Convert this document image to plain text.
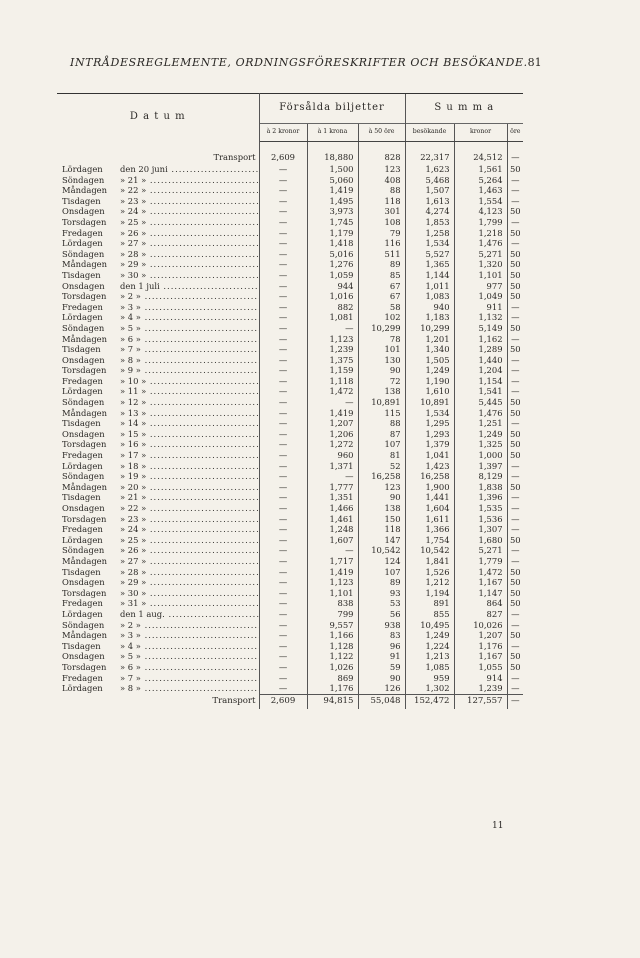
INTRÅDESREGLEMENTE, ORDNINGSFÖRESKRIFTER OCH BESÖKANDE. 81
D a t u m	Försålda biljetter			S u m m a		
	à 2 kronor	à 1 krona	à 50 öre	besökande	kronor	öre

Transport	2,609	18,880	828	22,317	24,512	—
Lördagen den 20 juni .....	—	1,500	123	1,623	1,561	50
Söndagen » 21 » .....	—	5,060	408	5,468	5,264	—
Måndagen » 22 » .....	—	1,419	88	1,507	1,463	—
Tisdagen » 23 » .....	—	1,495	118	1,613	1,554	—
Onsdagen » 24 » .....	—	3,973	301	4,274	4,123	50
Torsdagen » 25 » .....	—	1,745	108	1,853	1,799	—
Fredagen » 26 » .....	—	1,179	79	1,258	1,218	50
Lördagen » 27 » .....	—	1,418	116	1,534	1,476	—
Söndagen » 28 » .....	—	5,016	511	5,527	5,271	50
Måndagen » 29 » .....	—	1,276	89	1,365	1,320	50
Tisdagen » 30 » .....	—	1,059	85	1,144	1,101	50
Onsdagen den 1 juli .....	—	944	67	1,011	977	50
Torsdagen » 2 » .....	—	1,016	67	1,083	1,049	50
Fredagen » 3 » .....	—	882	58	940	911	—
Lördagen » 4 » .....	—	1,081	102	1,183	1,132	—
Söndagen » 5 » .....	—	—	10,299	10,299	5,149	50
Måndagen » 6 » .....	—	1,123	78	1,201	1,162	—
Tisdagen » 7 » .....	—	1,239	101	1,340	1,289	50
Onsdagen » 8 » .....	—	1,375	130	1,505	1,440	—
Torsdagen » 9 » .....	—	1,159	90	1,249	1,204	—
Fredagen » 10 » .....	—	1,118	72	1,190	1,154	—
Lördagen » 11 » .....	—	1,472	138	1,610	1,541	—
Söndagen » 12 » .....	—	—	10,891	10,891	5,445	50
Måndagen » 13 » .....	—	1,419	115	1,534	1,476	50
Tisdagen » 14 » .....	—	1,207	88	1,295	1,251	—
Onsdagen » 15 » .....	—	1,206	87	1,293	1,249	50
Torsdagen » 16 » .....	—	1,272	107	1,379	1,325	50
Fredagen » 17 » .....	—	960	81	1,041	1,000	50
Lördagen » 18 » .....	—	1,371	52	1,423	1,397	—
Söndagen » 19 » .....	—	—	16,258	16,258	8,129	—
Måndagen » 20 » .....	—	1,777	123	1,900	1,838	50
Tisdagen » 21 » .....	—	1,351	90	1,441	1,396	—
Onsdagen » 22 » .....	—	1,466	138	1,604	1,535	—
Torsdagen » 23 » .....	—	1,461	150	1,611	1,536	—
Fredagen » 24 » .....	—	1,248	118	1,366	1,307	—
Lördagen » 25 » .....	—	1,607	147	1,754	1,680	50
Söndagen » 26 » .....	—	—	10,542	10,542	5,271	—
Måndagen » 27 » .....	—	1,717	124	1,841	1,779	—
Tisdagen » 28 » .....	—	1,419	107	1,526	1,472	50
Onsdagen » 29 » .....	—	1,123	89	1,212	1,167	50
Torsdagen » 30 » .....	—	1,101	93	1,194	1,147	50
Fredagen » 31 » .....	—	838	53	891	864	50
Lördagen den 1 aug. .....	—	799	56	855	827	—
Söndagen » 2 » .....	—	9,557	938	10,495	10,026	—
Måndagen » 3 » .....	—	1,166	83	1,249	1,207	50
Tisdagen » 4 » .....	—	1,128	96	1,224	1,176	—
Onsdagen » 5 » .....	—	1,122	91	1,213	1,167	50
Torsdagen » 6 » .....	—	1,026	59	1,085	1,055	50
Fredagen » 7 » .....	—	869	90	959	914	—
Lördagen » 8 » .....	—	1,176	126	1,302	1,239	—
Transport	2,609	94,815	55,048	152,472	127,557	—
11
